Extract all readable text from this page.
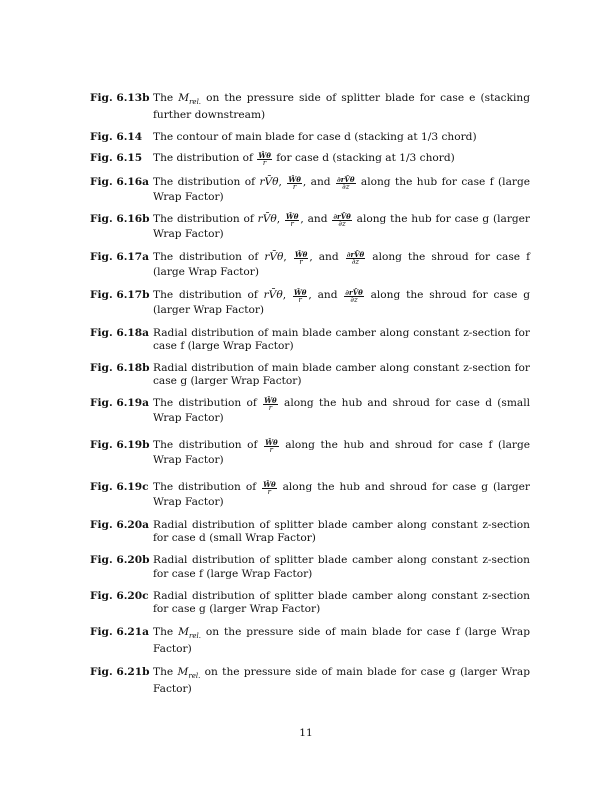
Fig. 6.13b The $M_{rel.}$ on the pressure side of splitter blade for case e (stacking further downstream)
Fig. 6.14	The contour of main blade for case d (stacking at 1/3 chord)
Fig. 6.15	The distribution of $\frac{W̄\theta}{r}$ for case d (stacking at 1/3 chord)
Fig. 6.16a The distribution of rV̄θ, $\frac{W̄\theta}{r}$ , and $\frac{\partial rV̄\theta}{\partial z}$ along the hub for case f (large Wrap Factor)
Fig. 6.16b The distribution of rV̄θ, $\frac{W̄\theta}{r}$ , and $\frac{\partial rV̄\theta}{\partial z}$ along the hub for case g (larger Wrap Factor)
Fig. 6.17a The distribution of rV̄θ, $\frac{W̄\theta}{r}$ , and $\frac{\partial rV̄\theta}{\partial z}$ along the shroud for case f (large Wrap Factor)
Fig. 6.17b The distribution of rV̄θ, $\frac{W̄\theta}{r}$ , and $\frac{\partial rV̄\theta}{\partial z}$ along the shroud for case g (larger Wrap Factor)
Fig. 6.18a Radial distribution of main blade camber along constant z-section for case f (large Wrap Factor)
Fig. 6.18b Radial distribution of main blade camber along constant z-section for case g (larger Wrap Factor)
Fig. 6.19a The distribution of $\frac{W̄\theta}{r}$ along the hub and shroud for case d (small Wrap Factor)
Fig. 6.19b The distribution of $\frac{W̄\theta}{r}$ along the hub and shroud for case f (large Wrap Factor)
Fig. 6.19c The distribution of $\frac{W̄\theta}{r}$ along the hub and shroud for case g (larger Wrap Factor)
Fig. 6.20a Radial distribution of splitter blade camber along constant z-section for case d (small Wrap Factor)
Fig. 6.20b Radial distribution of splitter blade camber along constant z-section for case f (large Wrap Factor)
Fig. 6.20c Radial distribution of splitter blade camber along constant z-section for case g (larger Wrap Factor)
Fig. 6.21a The $M_{rel.}$ on the pressure side of main blade for case f (large Wrap Factor)
Fig. 6.21b The $M_{rel.}$ on the pressure side of main blade for case g (larger Wrap Factor)
11
